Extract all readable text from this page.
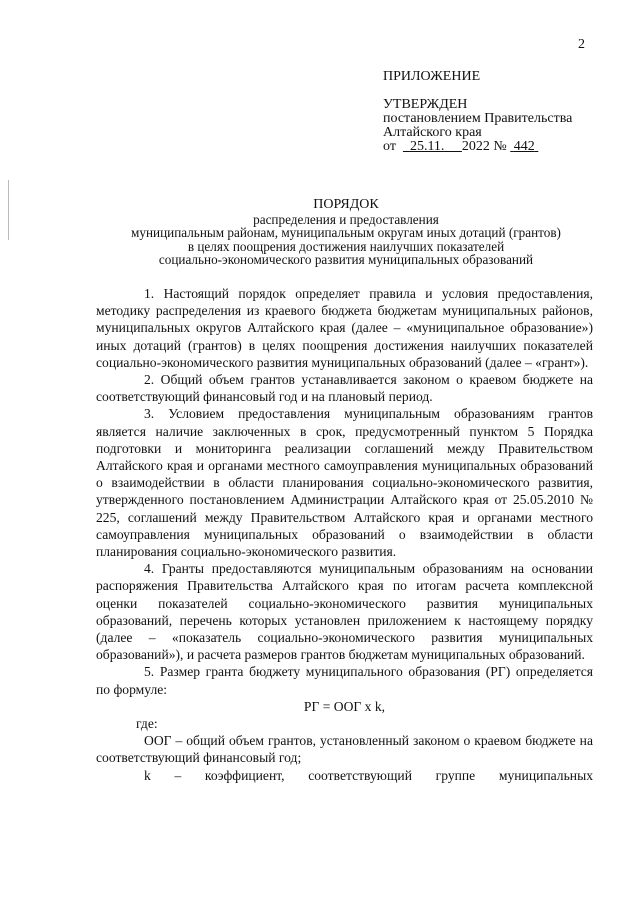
2
ПРИЛОЖЕНИЕ
УТВЕРЖДЕН
постановлением Правительства
Алтайского края
от 25.11. 2022 № 442
ПОРЯДОК
распределения и предоставления
муниципальным районам, муниципальным округам иных дотаций (грантов)
в целях поощрения достижения наилучших показателей
социально-экономического развития муниципальных образований

1. Настоящий порядок определяет правила и условия предоставления, методику распределения из краевого бюджета бюджетам муниципальных районов, муниципальных округов Алтайского края (далее – «муниципальное образование») иных дотаций (грантов) в целях поощрения достижения наилучших показателей социально-экономического развития муниципальных образований (далее – «грант»).

2. Общий объем грантов устанавливается законом о краевом бюджете на соответствующий финансовый год и на плановый период.

3. Условием предоставления муниципальным образованиям грантов является наличие заключенных в срок, предусмотренный пунктом 5 Порядка подготовки и мониторинга реализации соглашений между Правительством Алтайского края и органами местного самоуправления муниципальных образований о взаимодействии в области планирования социально-экономического развития, утвержденного постановлением Администрации Алтайского края от 25.05.2010 № 225, соглашений между Правительством Алтайского края и органами местного самоуправления муниципальных образований о взаимодействии в области планирования социально-экономического развития.

4. Гранты предоставляются муниципальным образованиям на основании распоряжения Правительства Алтайского края по итогам расчета комплексной оценки показателей социально-экономического развития муниципальных образований, перечень которых установлен приложением к настоящему порядку (далее – «показатель социально-экономического развития муниципальных образований»), и расчета размеров грантов бюджетам муниципальных образований.

5. Размер гранта бюджету муниципального образования (РГ) определяется по формуле:

РГ = ООГ x k,

где:

ООГ – общий объем грантов, установленный законом о краевом бюджете на соответствующий финансовый год;

k – коэффициент, соответствующий группе муниципальных
